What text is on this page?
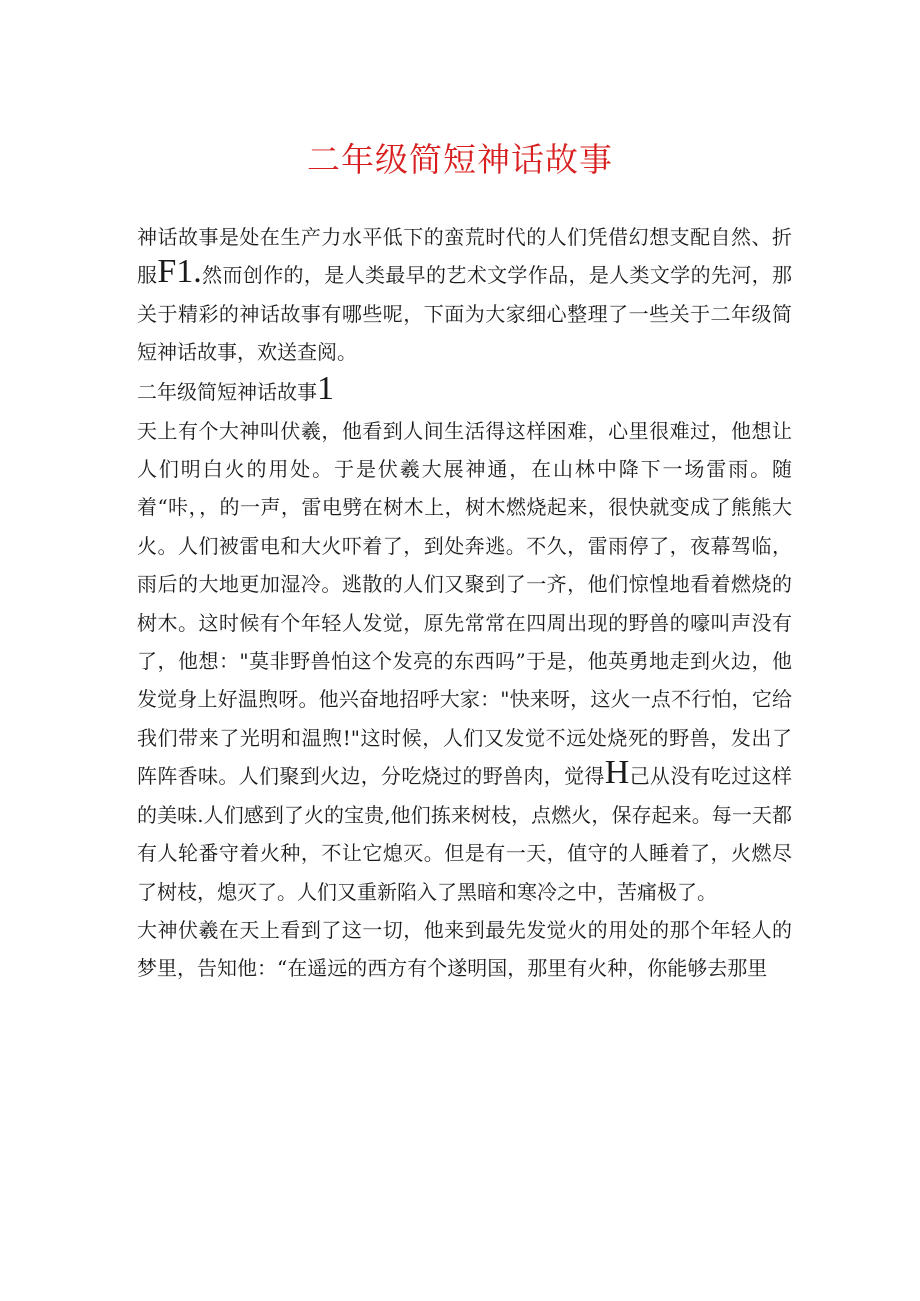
二年级简短神话故事

神话故事是处在生产力水平低下的蛮荒时代的人们凭借幻想支配自然、折服F1.然而创作的，是人类最早的艺术文学作品，是人类文学的先河，那关于精彩的神话故事有哪些呢，下面为大家细心整理了一些关于二年级简短神话故事，欢送查阅。

二年级简短神话故事1

天上有个大神叫伏羲，他看到人间生活得这样困难，心里很难过，他想让人们明白火的用处。于是伏羲大展神通，在山林中降下一场雷雨。随着“咔，，的一声，雷电劈在树木上，树木燃烧起来，很快就变成了熊熊大火。人们被雷电和大火吓着了，到处奔逃。不久，雷雨停了，夜幕驾临，雨后的大地更加湿冷。逃散的人们又聚到了一齐，他们惊惶地看着燃烧的树木。这时候有个年轻人发觉，原先常常在四周出现的野兽的嚎叫声没有了，他想："莫非野兽怕这个发亮的东西吗”于是，他英勇地走到火边，他发觉身上好温煦呀。他兴奋地招呼大家："快来呀，这火一点不行怕，它给我们带来了光明和温煦!"这时候，人们又发觉不远处烧死的野兽，发出了阵阵香味。人们聚到火边，分吃烧过的野兽肉，觉得H己从没有吃过这样的美味.人们感到了火的宝贵,他们拣来树枝，点燃火，保存起来。每一天都有人轮番守着火种，不让它熄灭。但是有一天，值守的人睡着了，火燃尽了树枝，熄灭了。人们又重新陷入了黑暗和寒冷之中，苦痛极了。

大神伏羲在天上看到了这一切，他来到最先发觉火的用处的那个年轻人的梦里，告知他：“在遥远的西方有个遂明国，那里有火种，你能够去那里
